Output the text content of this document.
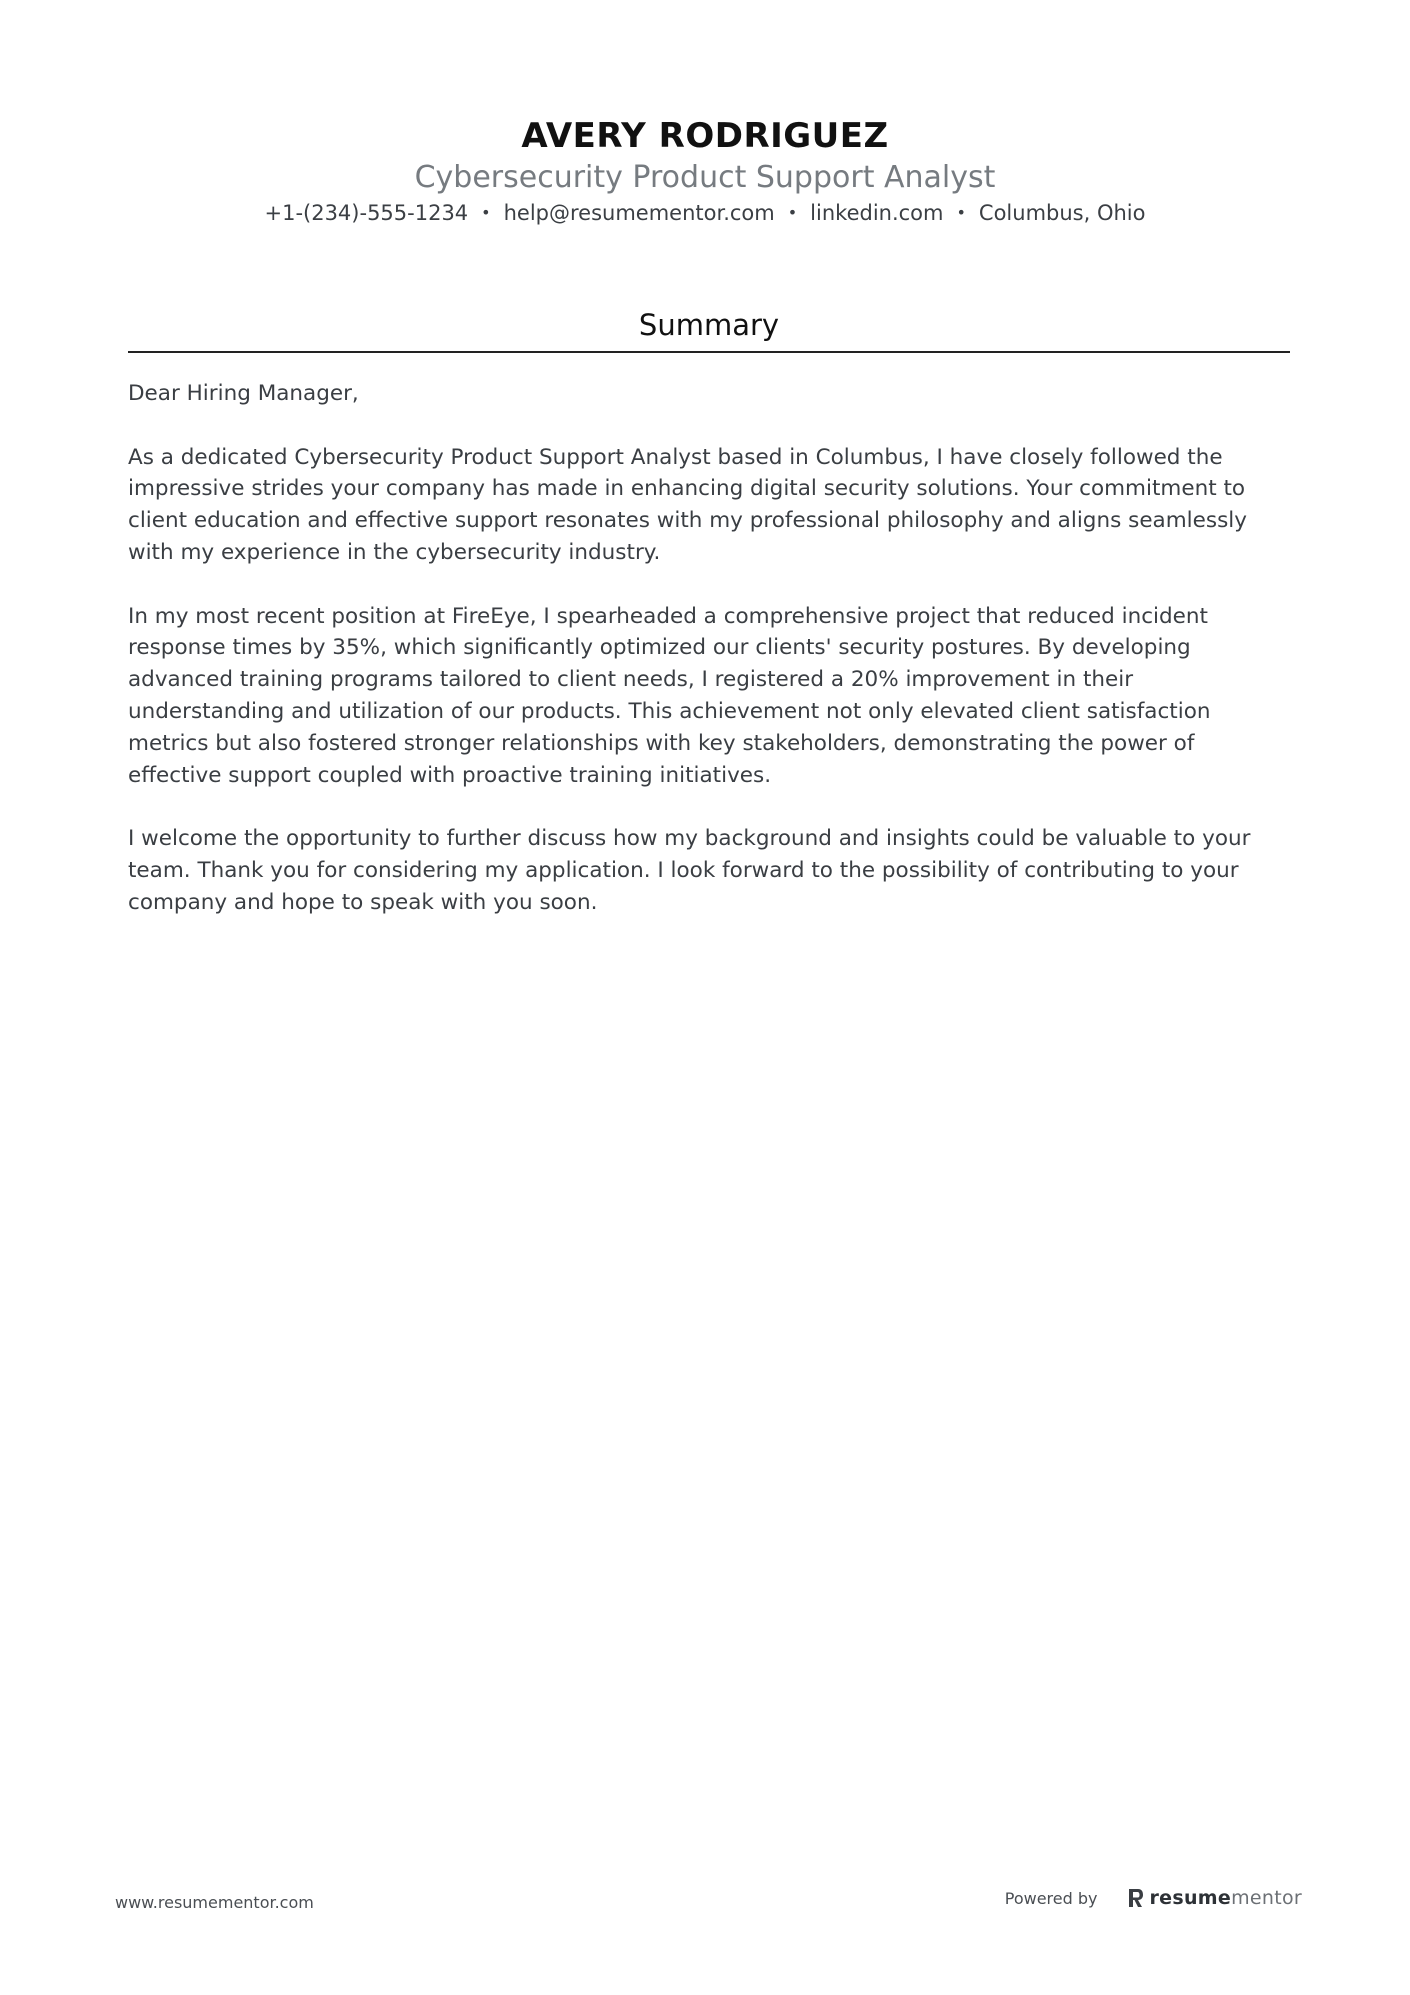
AVERY RODRIGUEZ
Cybersecurity Product Support Analyst
+1-(234)-555-1234 • help@resumementor.com • linkedin.com • Columbus, Ohio
Summary

Dear Hiring Manager,

As a dedicated Cybersecurity Product Support Analyst based in Columbus, I have closely followed the impressive strides your company has made in enhancing digital security solutions. Your commitment to client education and effective support resonates with my professional philosophy and aligns seamlessly with my experience in the cybersecurity industry.

In my most recent position at FireEye, I spearheaded a comprehensive project that reduced incident response times by 35%, which significantly optimized our clients' security postures. By developing advanced training programs tailored to client needs, I registered a 20% improvement in their understanding and utilization of our products. This achievement not only elevated client satisfaction metrics but also fostered stronger relationships with key stakeholders, demonstrating the power of effective support coupled with proactive training initiatives.

I welcome the opportunity to further discuss how my background and insights could be valuable to your team. Thank you for considering my application. I look forward to the possibility of contributing to your company and hope to speak with you soon.

www.resumementor.com	Powered by	resumementor
